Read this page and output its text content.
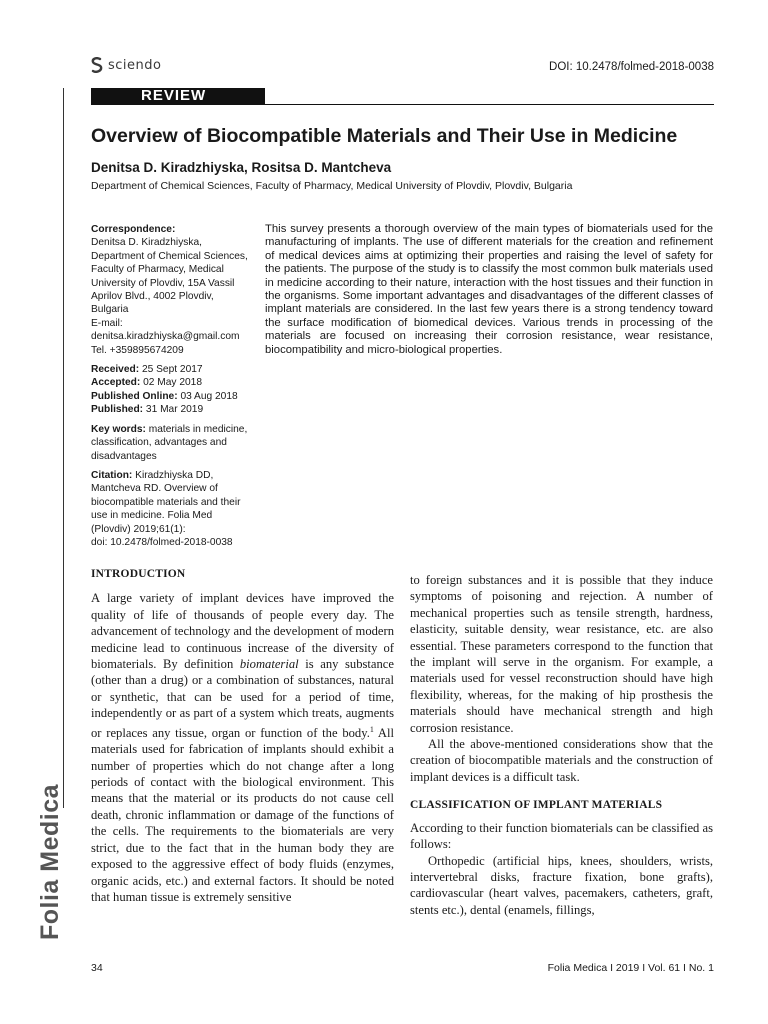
sciendo	DOI: 10.2478/folmed-2018-0038
REVIEW
Overview of Biocompatible Materials and Their Use in Medicine
Denitsa D. Kiradzhiyska, Rositsa D. Mantcheva
Department of Chemical Sciences, Faculty of Pharmacy, Medical University of Plovdiv, Plovdiv, Bulgaria

Correspondence:
Denitsa D. Kiradzhiyska, Department of Chemical Sciences, Faculty of Pharmacy, Medical University of Plovdiv, 15A Vassil Aprilov Blvd., 4002 Plovdiv, Bulgaria
E-mail: denitsa.kiradzhiyska@gmail.com
Tel. +359895674209

Received: 25 Sept 2017
Accepted: 02 May 2018
Published Online: 03 Aug 2018
Published: 31 Mar 2019

Key words: materials in medicine, classification, advantages and disadvantages

Citation: Kiradzhiyska DD, Mantcheva RD. Overview of biocompatible materials and their use in medicine. Folia Med (Plovdiv) 2019;61(1):
doi: 10.2478/folmed-2018-0038

This survey presents a thorough overview of the main types of biomaterials used for the manufacturing of implants. The use of different materials for the creation and refinement of medical devices aims at optimizing their properties and raising the level of safety for the patients. The purpose of the study is to classify the most common bulk materials used in medicine according to their nature, interaction with the host tissues and their function in the organisms. Some important advantages and disadvantages of the different classes of implant materials are considered. In the last few years there is a strong tendency toward the surface modification of biomedical devices. Various trends in processing of the materials are focused on increasing their corrosion resistance, wear resistance, biocompatibility and micro-biological properties.
Folia Medica

INTRODUCTION

A large variety of implant devices have improved the quality of life of thousands of people every day. The advancement of technology and the development of modern medicine lead to continuous increase of the diversity of biomaterials. By definition biomaterial is any substance (other than a drug) or a combination of substances, natural or synthetic, that can be used for a period of time, independently or as part of a system which treats, augments or replaces any tissue, organ or function of the body.$^1$ All materials used for fabrication of implants should exhibit a number of properties which do not change after a long periods of contact with the biological environment. This means that the material or its products do not cause cell death, chronic inflammation or damage of the functions of the cells. The requirements to the biomaterials are very strict, due to the fact that in the human body they are exposed to the aggressive effect of body fluids (enzymes, organic acids, etc.) and external factors. It should be noted that human tissue is extremely sensitive

to foreign substances and it is possible that they induce symptoms of poisoning and rejection. A number of mechanical properties such as tensile strength, hardness, elasticity, suitable density, wear resistance, etc. are also essential. These parameters correspond to the function that the implant will serve in the organism. For example, a materials used for vessel reconstruction should have high flexibility, whereas, for the making of hip prosthesis the materials should have mechanical strength and high corrosion resistance.

All the above-mentioned considerations show that the creation of biocompatible materials and the construction of implant devices is a difficult task.

CLASSIFICATION OF IMPLANT MATERIALS

According to their function biomaterials can be classified as follows:

Orthopedic (artificial hips, knees, shoulders, wrists, intervertebral disks, fracture fixation, bone grafts), cardiovascular (heart valves, pacemakers, catheters, graft, stents etc.), dental (enamels, fillings,

34	Folia Medica I 2019 I Vol. 61 I No. 1
